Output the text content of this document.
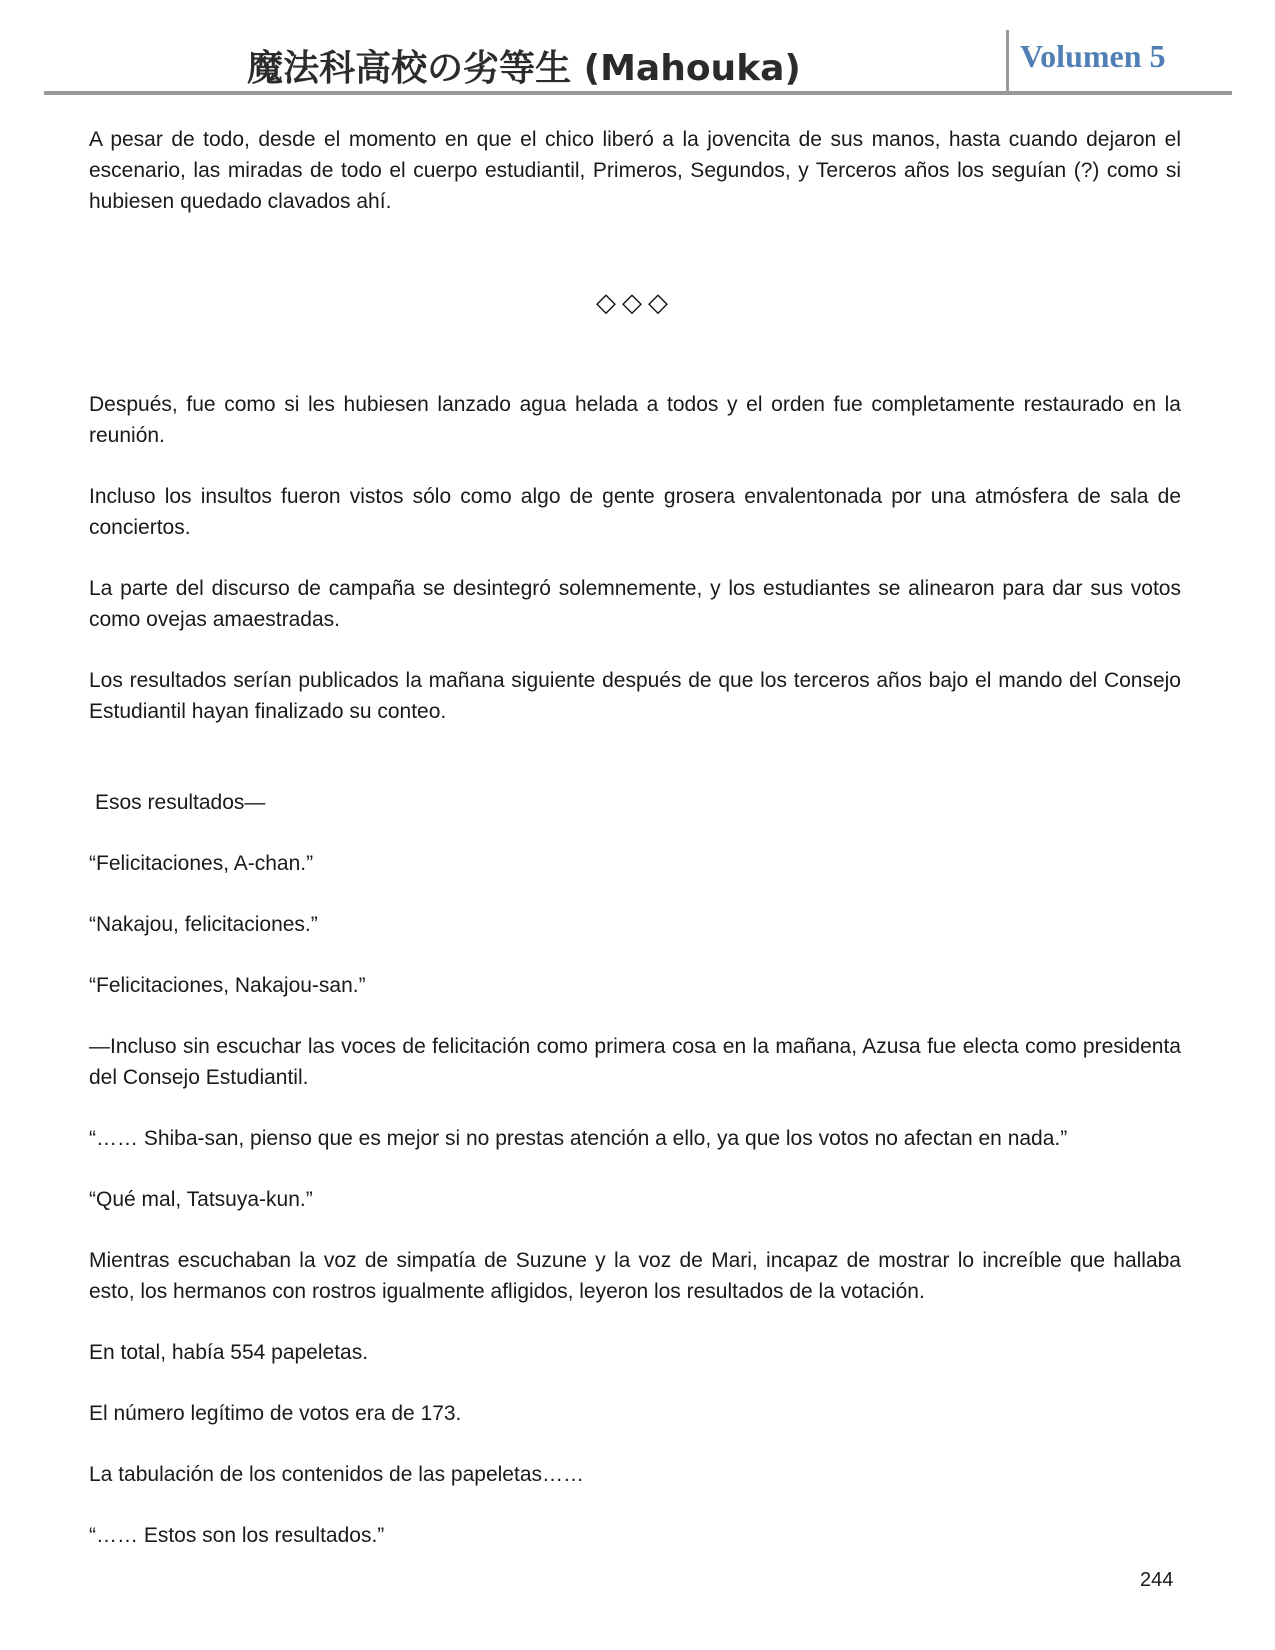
魔法科高校の劣等生 (Mahouka)	Volumen 5

A pesar de todo, desde el momento en que el chico liberó a la jovencita de sus manos, hasta cuando dejaron el escenario, las miradas de todo el cuerpo estudiantil, Primeros, Segundos, y Terceros años los seguían (?) como si hubiesen quedado clavados ahí.

◇◇◇

Después, fue como si les hubiesen lanzado agua helada a todos y el orden fue completamente restaurado en la reunión.

Incluso los insultos fueron vistos sólo como algo de gente grosera envalentonada por una atmósfera de sala de conciertos.

La parte del discurso de campaña se desintegró solemnemente, y los estudiantes se alinearon para dar sus votos como ovejas amaestradas.

Los resultados serían publicados la mañana siguiente después de que los terceros años bajo el mando del Consejo Estudiantil hayan finalizado su conteo.

Esos resultados—

“Felicitaciones, A-chan.”

“Nakajou, felicitaciones.”

“Felicitaciones, Nakajou-san.”

—Incluso sin escuchar las voces de felicitación como primera cosa en la mañana, Azusa fue electa como presidenta del Consejo Estudiantil.

“…… Shiba-san, pienso que es mejor si no prestas atención a ello, ya que los votos no afectan en nada.”

“Qué mal, Tatsuya-kun.”

Mientras escuchaban la voz de simpatía de Suzune y la voz de Mari, incapaz de mostrar lo increíble que hallaba esto, los hermanos con rostros igualmente afligidos, leyeron los resultados de la votación.

En total, había 554 papeletas.

El número legítimo de votos era de 173.

La tabulación de los contenidos de las papeletas……

“…… Estos son los resultados.”

244
